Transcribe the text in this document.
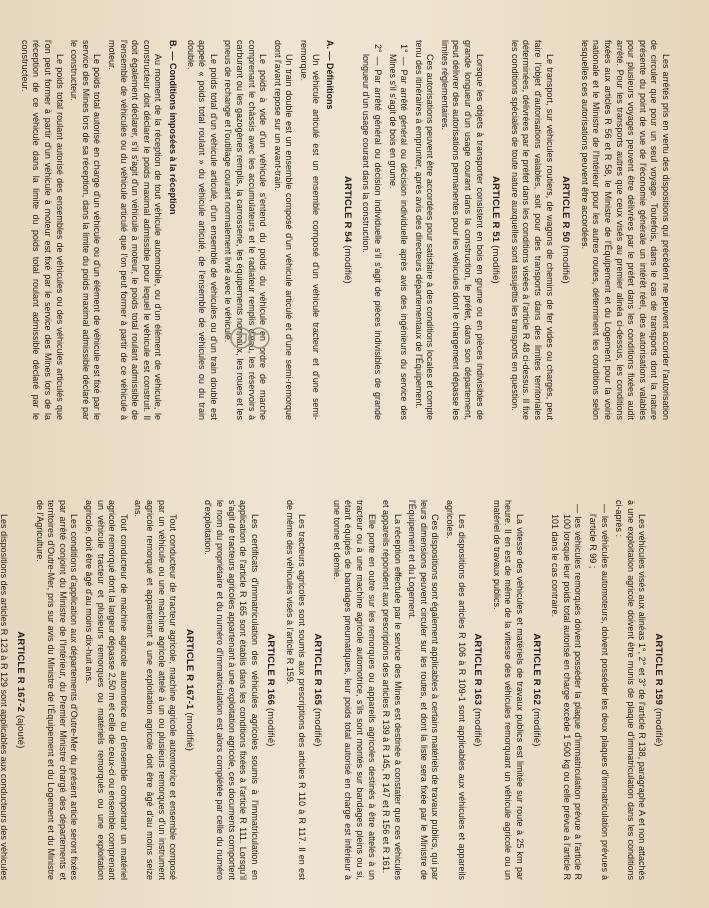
Les arrêtés pris en vertu des dispositions qui précèdent ne peuvent accorder l'autorisation de circuler que pour un seul voyage. Toutefois, dans le cas de transports dont la nature présente du point de vue de l'économie générale un intérêt réel, des autorisations valables pour plusieurs voyages peuvent être délivrées par le préfet dans les conditions fixées audit arrêté. Pour les transports autres que ceux visés au premier alinéa ci-dessus, les conditions fixées aux articles R 56 et R 58, le Ministre de l'Équipement et du Logement pour la voirie nationale et le Ministre de l'Intérieur pour les autres routes, déterminent les conditions selon lesquelles ces autorisations peuvent être accordées.

ARTICLE R 50 (modifié)

Le transport, sur véhicules routiers, de wagons de chemins de fer vides ou chargés, peut faire l'objet d'autorisations valables, soit pour des transports dans des limites territoriales déterminées, délivrées par le préfet dans les conditions visées à l'article R 48 ci-dessus. Il fixe les conditions spéciales de toute nature auxquelles sont assujettis les transports en question.

ARTICLE R 51 (modifié)

Lorsque les objets à transporter consistent en bois en grume ou en pièces indivisibles de grande longueur d'un usage courant dans la construction, le préfet, dans son département, peut délivrer des autorisations permanentes pour les véhicules dont le chargement dépasse les limites réglementaires.

Ces autorisations peuvent être accordées pour satisfaire à des conditions locales et compte tenu des itinéraires à emprunter, après avis des directeurs départementaux de l'Équipement.

1° — Par arrêté général ou décision individuelle après avis des ingénieurs du service des Mines s'il s'agit de bois en grume.

2° — Par arrêté général ou décision individuelle s'il s'agit de pièces indivisibles de grande longueur d'un usage courant dans la construction.

ARTICLE R 54 (modifié)
A. — Définitions

Un véhicule articulé est un ensemble composé d'un véhicule tracteur et d'une semi-remorque.

Un train double est un ensemble composé d'un véhicule articulé et d'une semi-remorque dont l'avant repose sur un avant-train.

Le poids à vide d'un véhicule s'entend du poids du véhicule en ordre de marche comprenant le châssis avec les accumulateurs et le radiateur remplis d'eau, les réservoirs à carburant ou les gazogènes remplis, la carrosserie, les équipements normaux, les roues et les pneus de rechange et l'outillage courant normalement livré avec le véhicule.

Le poids total d'un véhicule articulé, d'un ensemble de véhicules ou d'un train double est appelé « poids total roulant » du véhicule articulé, de l'ensemble de véhicules ou du train double.

B. — Conditions imposées à la réception

Au moment de la réception de tout véhicule automobile, ou d'un élément de véhicule, le constructeur doit déclarer le poids maximal admissible pour lequel le véhicule est construit. Il doit également déclarer, s'il s'agit d'un véhicule à moteur, le poids total roulant admissible de l'ensemble de véhicules ou du véhicule articulé que l'on peut former à partir de ce véhicule à moteur.

Le poids total autorisé en charge d'un véhicule ou d'un élément de véhicule est fixé par le service des Mines lors de sa réception, dans la limite du poids maximal admissible déclaré par le constructeur.

Le poids total roulant autorisé des ensembles de véhicules ou des véhicules articulés que l'on peut former à partir d'un véhicule à moteur est fixé par le service des Mines lors de la réception de ce véhicule dans la limite du poids total roulant admissible déclaré par le constructeur.

ARTICLE R 159 (modifié)

Les véhicules visés aux alinéas 1°, 2° et 3° de l'article R 138, paragraphe A et non attachés à une exploitation agricole doivent être munis de plaque d'immatriculation dans les conditions ci-après :

— les véhicules automoteurs, doivent posséder les deux plaques d'immatriculation prévues à l'article R 99 ;

— les véhicules remorqués doivent posséder la plaque d'immatriculation prévue à l'article R 100 lorsque leur poids total autorisé en charge excède 1 500 kg ou celle prévue à l'article R 101 dans le cas contraire.

ARTICLE R 162 (modifié)

La vitesse des véhicules et matériels de travaux publics est limitée sur route à 25 km par heure. Il en est de même de la vitesse des véhicules remorquant un véhicule agricole ou un matériel de travaux publics.

ARTICLE R 163 (modifié)

Les dispositions des articles R 106 à R 109-1 sont applicables aux véhicules et appareils agricoles.

Ces dispositions sont également applicables à certains matériels de travaux publics, qui par leurs dimensions peuvent circuler sur les routes, et dont la liste sera fixée par le Ministre de l'Équipement et du Logement.

La réception effectuée par le service des Mines est destinée à constater que ces véhicules et appareils répondent aux prescriptions des articles R 139 à R 145, R 147 et R 156 et R 161.

Elle porte en outre sur les remorques ou appareils agricoles destinés à être attelés à un tracteur ou à une machine agricole automotrice, s'ils sont montés sur bandages pleins ou si, étant équipés de bandages pneumatiques, leur poids total autorisé en charge est inférieur à une tonne et demie.

ARTICLE R 165 (modifié)

Les tracteurs agricoles sont soumis aux prescriptions des articles R 110 à R 117. Il en est de même des véhicules visés à l'article R 159.

ARTICLE R 166 (modifié)

Les certificats d'immatriculation des véhicules agricoles soumis à l'immatriculation en application de l'article R 165 sont établis dans les conditions fixées à l'article R 111. Lorsqu'il s'agit de tracteurs agricoles appartenant à une exploitation agricole, ces documents comportent le nom du propriétaire et du numéro d'immatriculation est alors complétée par celle du numéro d'exploitation.

ARTICLE R 167-1 (modifié)

Tout conducteur de tracteur agricole, machine agricole automotrice et ensemble composé par un véhicule ou une machine agricole attelé à un ou plusieurs remorques d'un instrument agricole remorqué et appartenant à une exploitation agricole doit être âgé d'au moins seize ans.

Tout conducteur de machine agricole automotrice ou d'ensemble comportant un matériel agricole remorqué dont la largeur dépasse 2,50 m et celle de ceux-ci ou ensemble comprenant un véhicule tracteur et plusieurs remorques ou matériels remorqués ou une exploitation agricole, doit être âgé d'au moins dix-huit ans.

Les conditions d'application aux départements d'Outre-Mer du présent article seront fixées par arrêté conjoint du Ministre de l'Intérieur, du Premier Ministre chargé des départements et territoires d'Outre-Mer, pris sur avis du Ministre de l'Équipement et du Logement et du Ministre de l'Agriculture.

ARTICLE R 167-2 (ajouté)

Les dispositions des articles R 123 à R 129 sont applicables aux conducteurs des véhicules
